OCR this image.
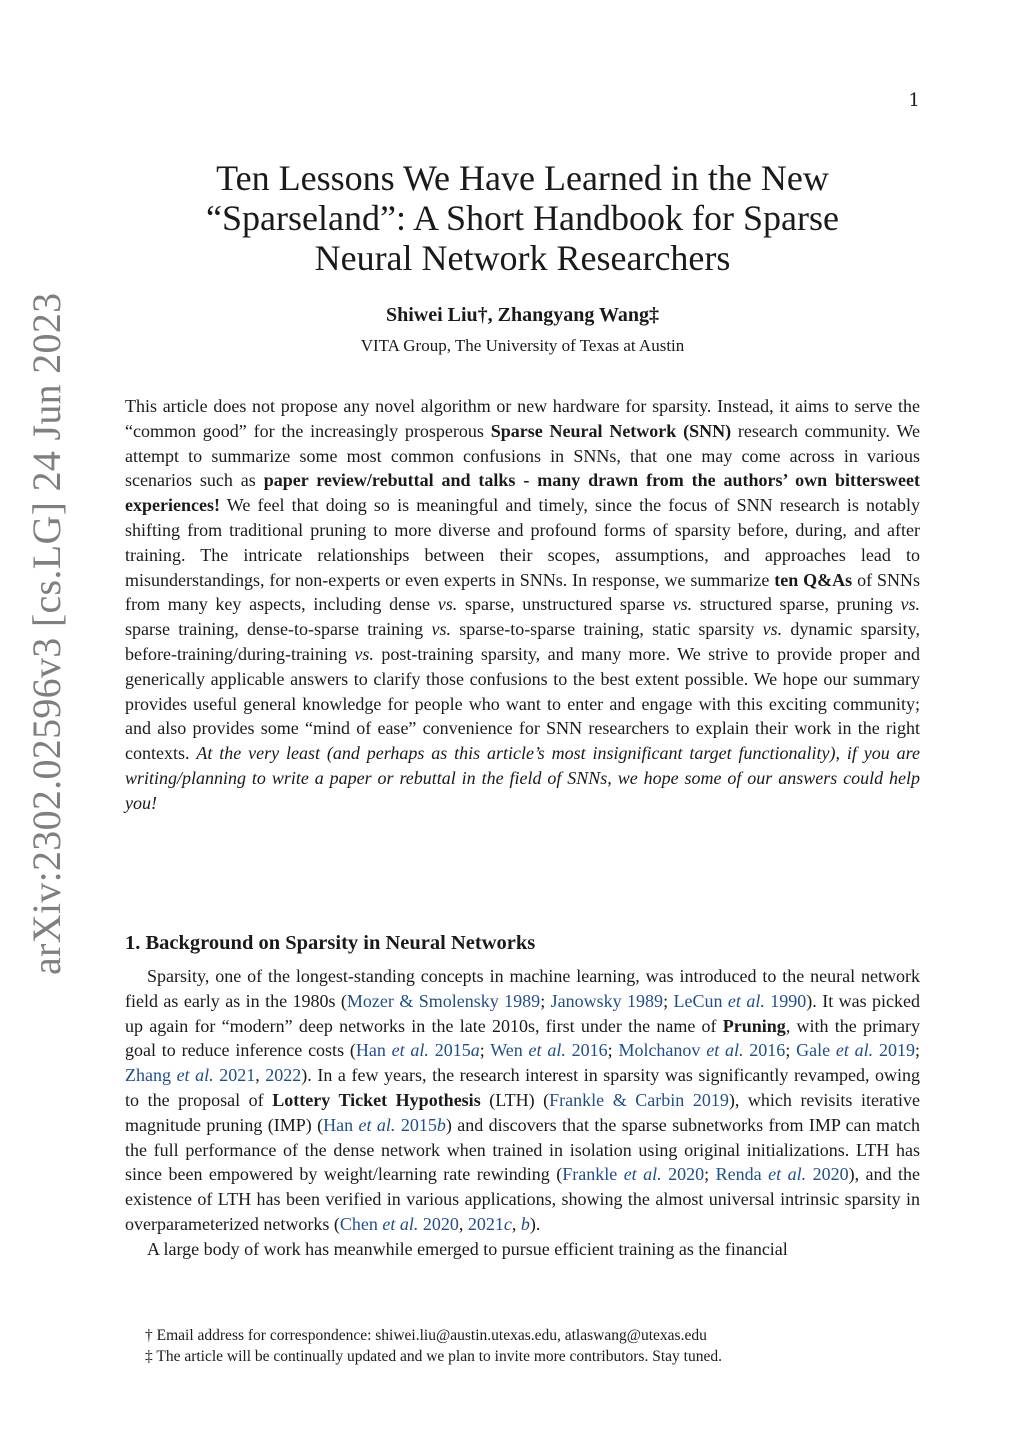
1
arXiv:2302.02596v3 [cs.LG] 24 Jun 2023
Ten Lessons We Have Learned in the New
“Sparseland”: A Short Handbook for Sparse
Neural Network Researchers
Shiwei Liu†, Zhangyang Wang‡
VITA Group, The University of Texas at Austin

This article does not propose any novel algorithm or new hardware for sparsity. Instead, it aims to serve the “common good” for the increasingly prosperous Sparse Neural Network (SNN) research community. We attempt to summarize some most common confusions in SNNs, that one may come across in various scenarios such as paper review/rebuttal and talks - many drawn from the authors’ own bittersweet experiences! We feel that doing so is meaningful and timely, since the focus of SNN research is notably shifting from traditional pruning to more diverse and profound forms of sparsity before, during, and after training. The intricate relationships between their scopes, assumptions, and approaches lead to misunderstandings, for non-experts or even experts in SNNs. In response, we summarize ten Q&As of SNNs from many key aspects, including dense vs. sparse, unstructured sparse vs. structured sparse, pruning vs. sparse training, dense-to-sparse training vs. sparse-to-sparse training, static sparsity vs. dynamic sparsity, before-training/during-training vs. post-training sparsity, and many more. We strive to provide proper and generically applicable answers to clarify those confusions to the best extent possible. We hope our summary provides useful general knowledge for people who want to enter and engage with this exciting community; and also provides some “mind of ease” convenience for SNN researchers to explain their work in the right contexts. At the very least (and perhaps as this article’s most insignificant target functionality), if you are writing/planning to write a paper or rebuttal in the field of SNNs, we hope some of our answers could help you!

1. Background on Sparsity in Neural Networks

Sparsity, one of the longest-standing concepts in machine learning, was introduced to the neural network field as early as in the 1980s (Mozer & Smolensky 1989; Janowsky 1989; LeCun et al. 1990). It was picked up again for “modern” deep networks in the late 2010s, first under the name of Pruning, with the primary goal to reduce inference costs (Han et al. 2015a; Wen et al. 2016; Molchanov et al. 2016; Gale et al. 2019; Zhang et al. 2021, 2022). In a few years, the research interest in sparsity was significantly revamped, owing to the proposal of Lottery Ticket Hypothesis (LTH) (Frankle & Carbin 2019), which revisits iterative magnitude pruning (IMP) (Han et al. 2015b) and discovers that the sparse subnetworks from IMP can match the full performance of the dense network when trained in isolation using original initializations. LTH has since been empowered by weight/learning rate rewinding (Frankle et al. 2020; Renda et al. 2020), and the existence of LTH has been verified in various applications, showing the almost universal intrinsic sparsity in overparameterized networks (Chen et al. 2020, 2021c, b).

A large body of work has meanwhile emerged to pursue efficient training as the financial

† Email address for correspondence: shiwei.liu@austin.utexas.edu, atlaswang@utexas.edu
‡ The article will be continually updated and we plan to invite more contributors. Stay tuned.
